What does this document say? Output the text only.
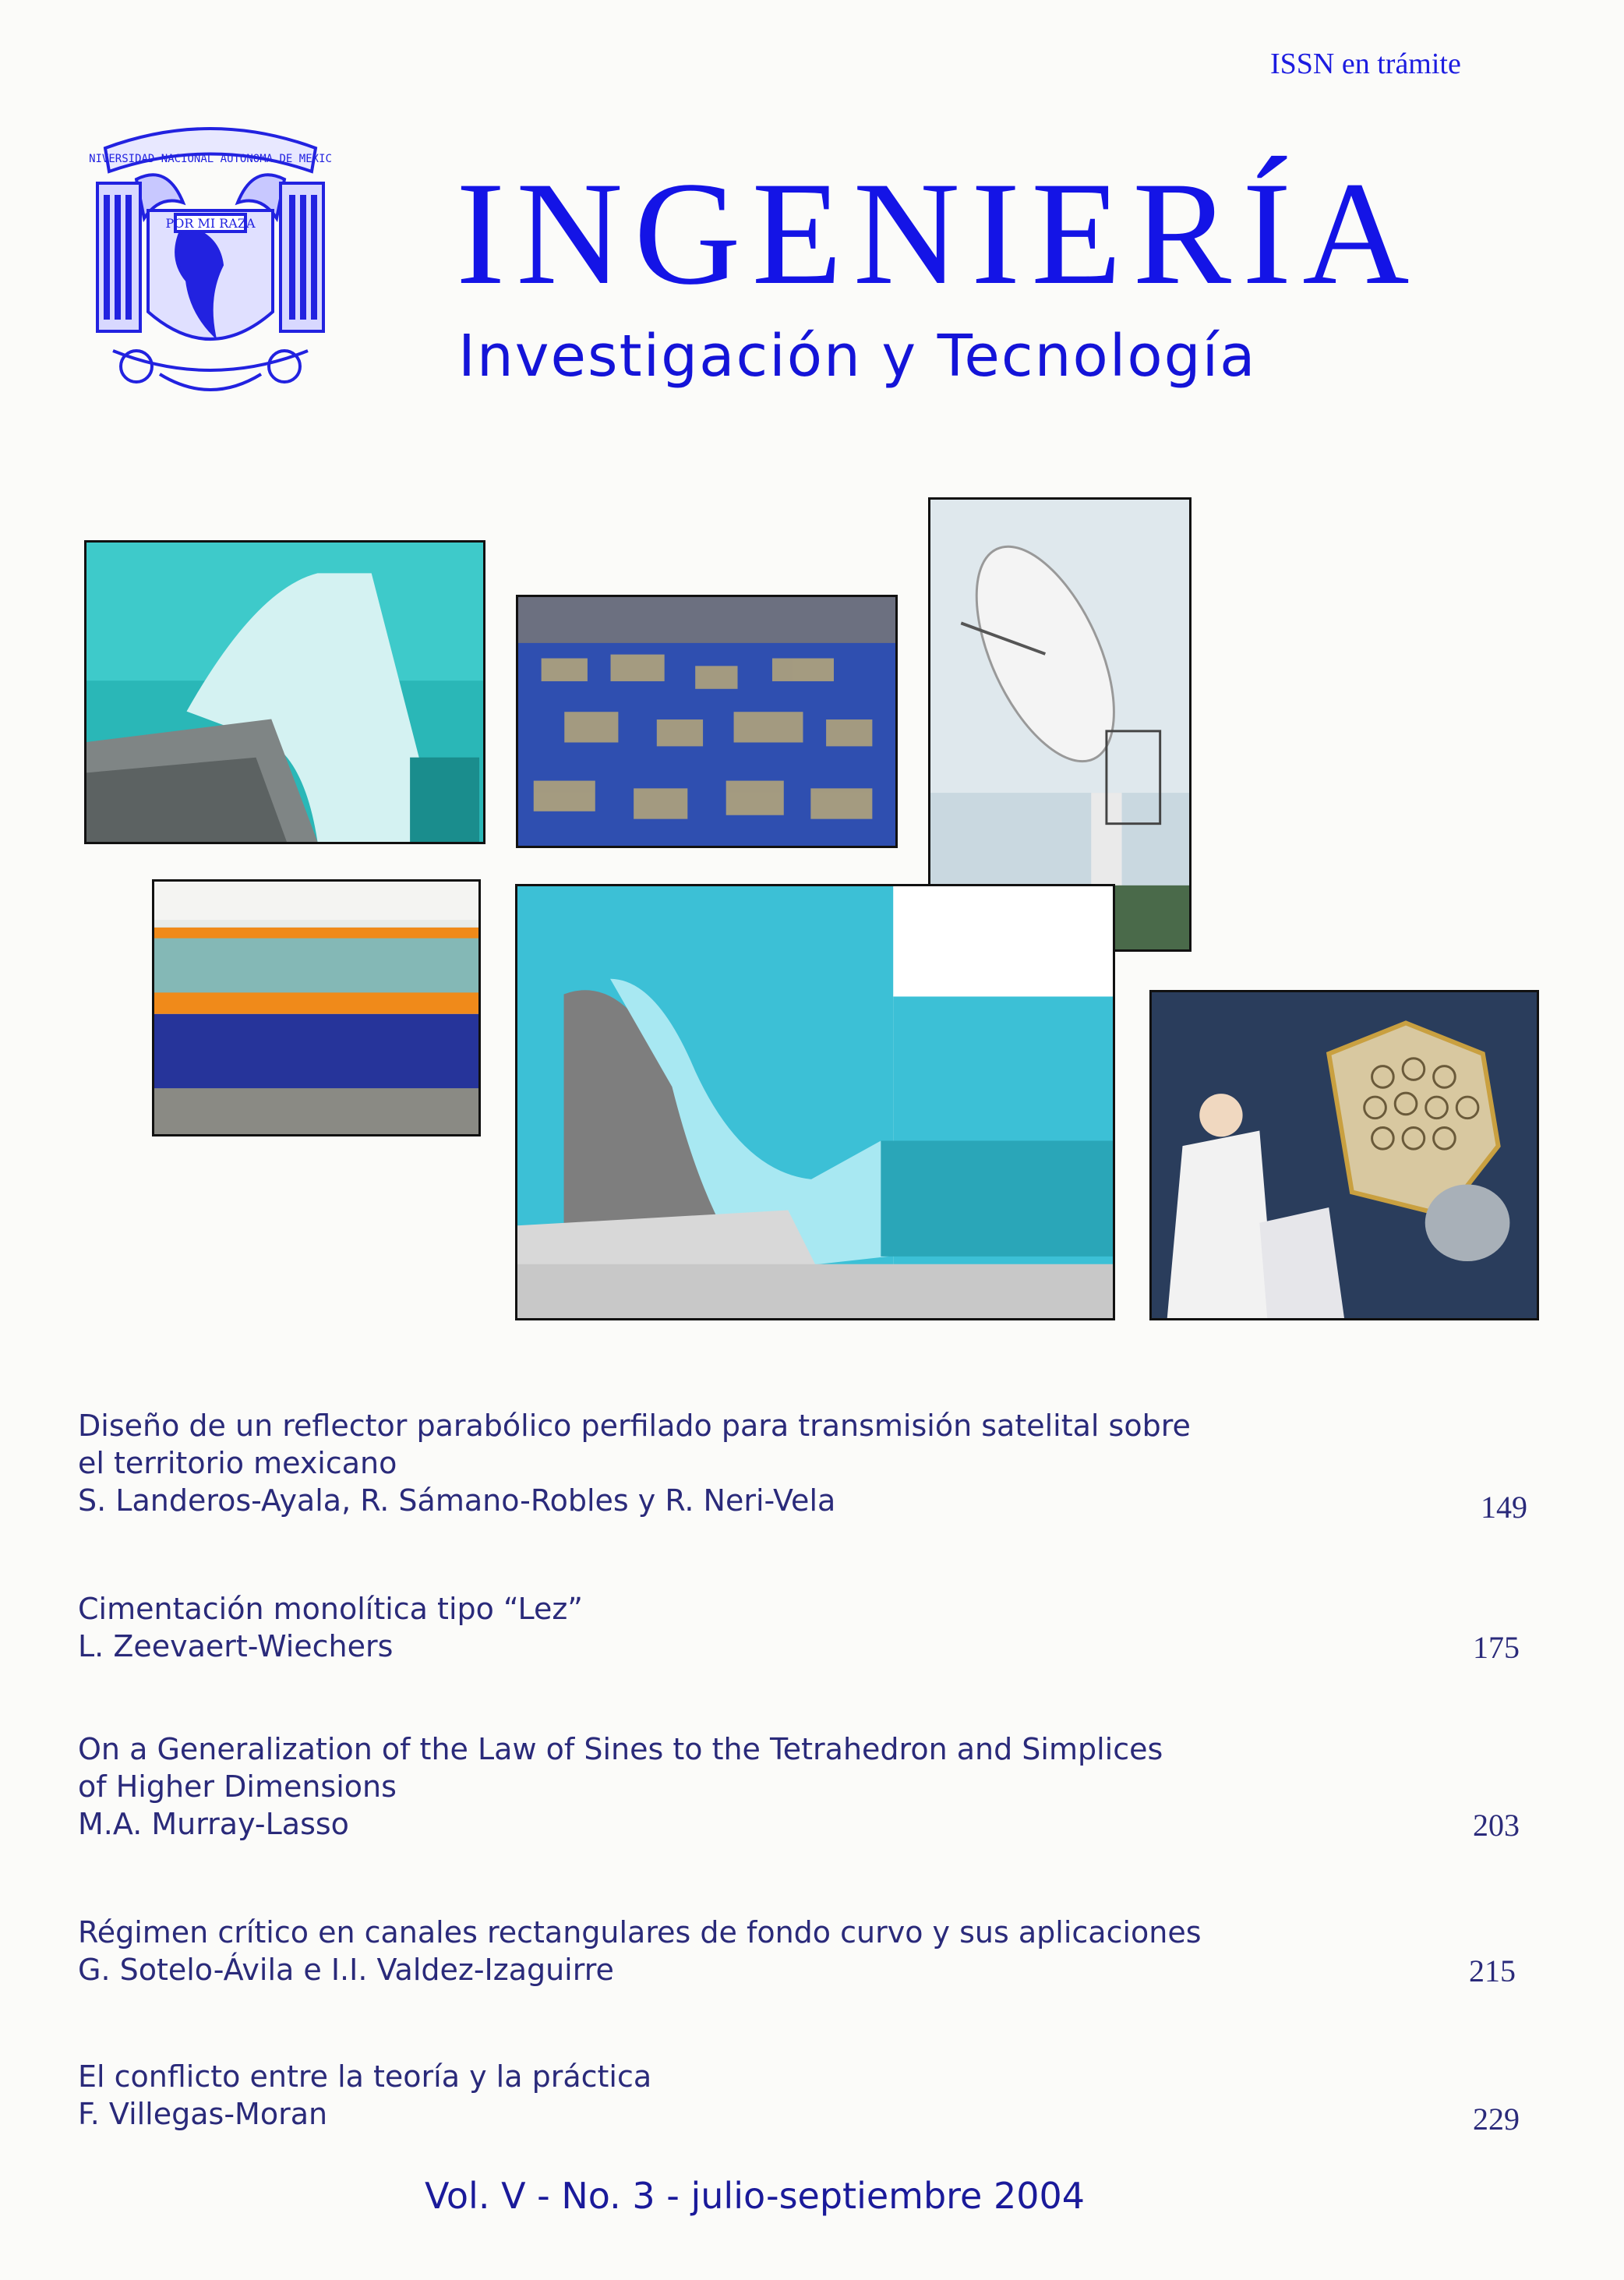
ISSN en trámite
UNIVERSIDAD NACIONAL AUTONOMA DE MEXICO
POR MI RAZA INGENIERÍA
Investigación y Tecnología
Diseño de un reflector parabólico perfilado para transmisión satelital sobre
el territorio mexicano
S. Landeros-Ayala, R. Sámano-Robles y R. Neri-Vela	149
Cimentación monolítica tipo “Lez”
L. Zeevaert-Wiechers	175
On a Generalization of the Law of Sines to the Tetrahedron and Simplices
of Higher Dimensions
M.A. Murray-Lasso	203
Régimen crítico en canales rectangulares de fondo curvo y sus aplicaciones
G. Sotelo-Ávila e I.I. Valdez-Izaguirre	215
El conflicto entre la teoría y la práctica
F. Villegas-Moran	229
Vol. V - No. 3 - julio-septiembre 2004
